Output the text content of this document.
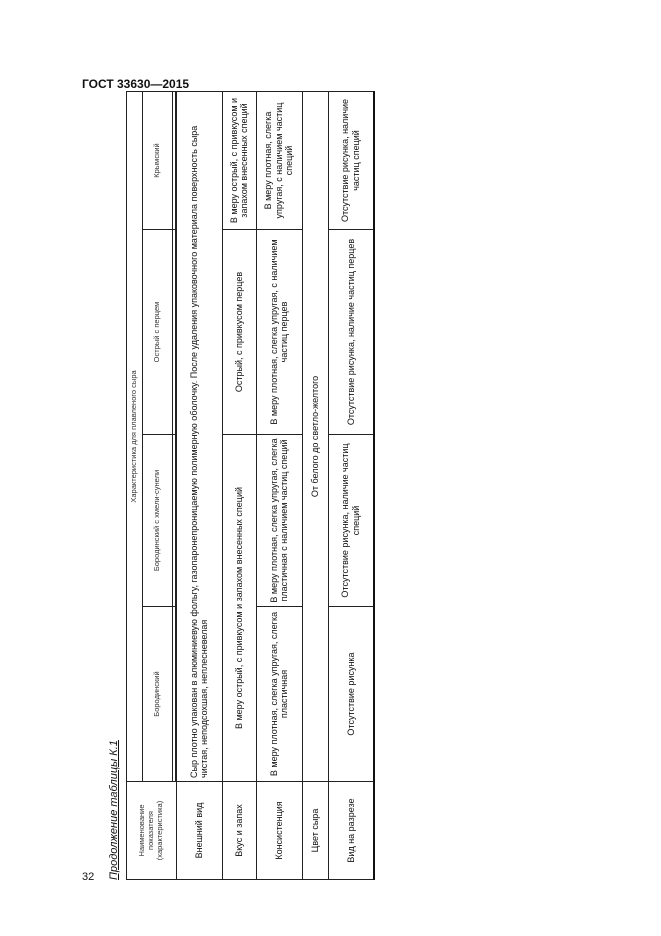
ГОСТ 33630—2015
32 Продолжение таблицы К.1 Наименование показателя (характеристика)	Характеристика для плавленого сыра			
	Бородинский	Бородинский с хмели-сунели	Острый с перцем	Крымский

Внешний вид	Сыр плотно упакован в алюминиевую фольгу, газопаронепроницаемую полимерную оболочку. После удаления упаковочного материала поверхность сыра чистая, неподсохшая, неплесневелая			
Вкус и запах	В меру острый, с привкусом и запахом внесенных специй		Острый, с привкусом перцев	В меру острый, с привкусом и запахом внесенных специй
Консистенция	В меру плотная, слегка упругая, слегка пластичная	В меру плотная, слегка упругая, слегка пластичная с наличием частиц специй	В меру плотная, слегка упругая, с наличием частиц перцев	В меру плотная, слегка упругая, с наличием частиц специй
Цвет сыра	От белого до светло-желтого			
Вид на разрезе	Отсутствие рисунка	Отсутствие рисунка, наличие частиц специй	Отсутствие рисунка, наличие частиц перцев	Отсутствие рисунка, наличие частиц специй
